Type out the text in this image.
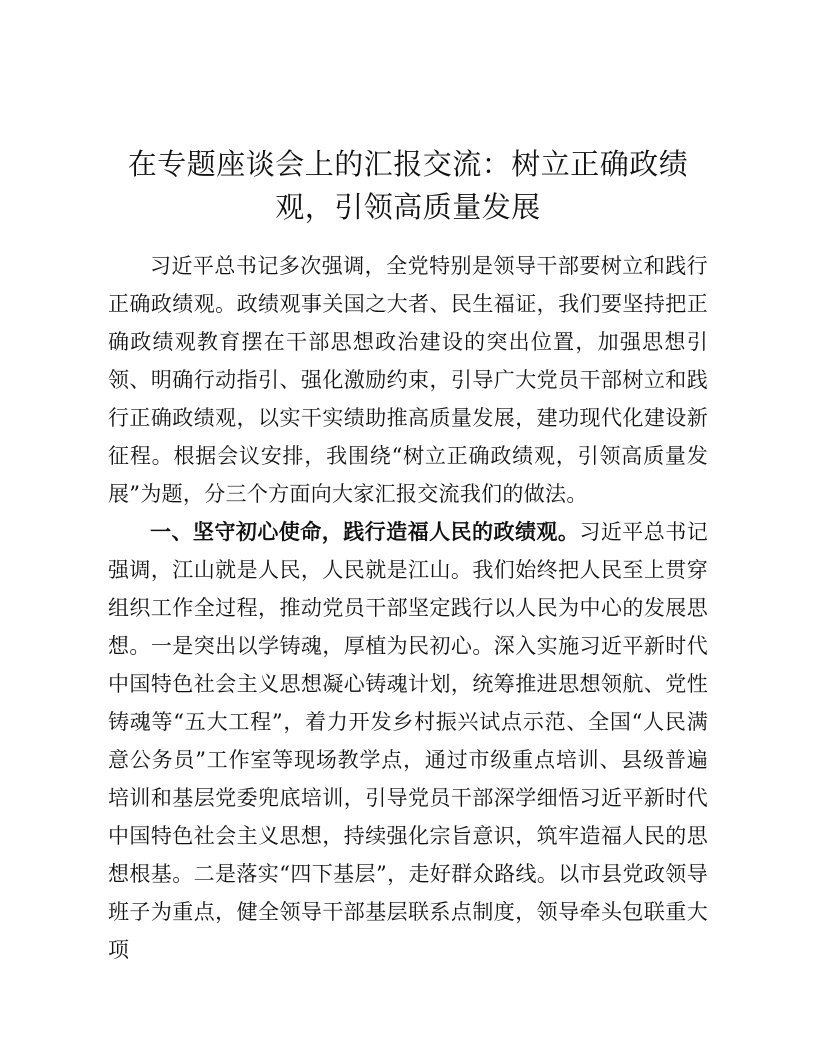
在专题座谈会上的汇报交流：树立正确政绩
观，引领高质量发展

习近平总书记多次强调，全党特别是领导干部要树立和践行正确政绩观。政绩观事关国之大者、民生福证，我们要坚持把正确政绩观教育摆在干部思想政治建设的突出位置，加强思想引领、明确行动指引、强化激励约束，引导广大党员干部树立和践行正确政绩观，以实干实绩助推高质量发展，建功现代化建设新征程。根据会议安排，我围绕“树立正确政绩观，引领高质量发展”为题，分三个方面向大家汇报交流我们的做法。

一、坚守初心使命，践行造福人民的政绩观。习近平总书记强调，江山就是人民，人民就是江山。我们始终把人民至上贯穿组织工作全过程，推动党员干部坚定践行以人民为中心的发展思想。一是突出以学铸魂，厚植为民初心。深入实施习近平新时代中国特色社会主义思想凝心铸魂计划，统筹推进思想领航、党性铸魂等“五大工程”，着力开发乡村振兴试点示范、全国“人民满意公务员”工作室等现场教学点，通过市级重点培训、县级普遍培训和基层党委兜底培训，引导党员干部深学细悟习近平新时代中国特色社会主义思想，持续强化宗旨意识，筑牢造福人民的思想根基。二是落实“四下基层”，走好群众路线。以市县党政领导班子为重点，健全领导干部基层联系点制度，领导牵头包联重大项
